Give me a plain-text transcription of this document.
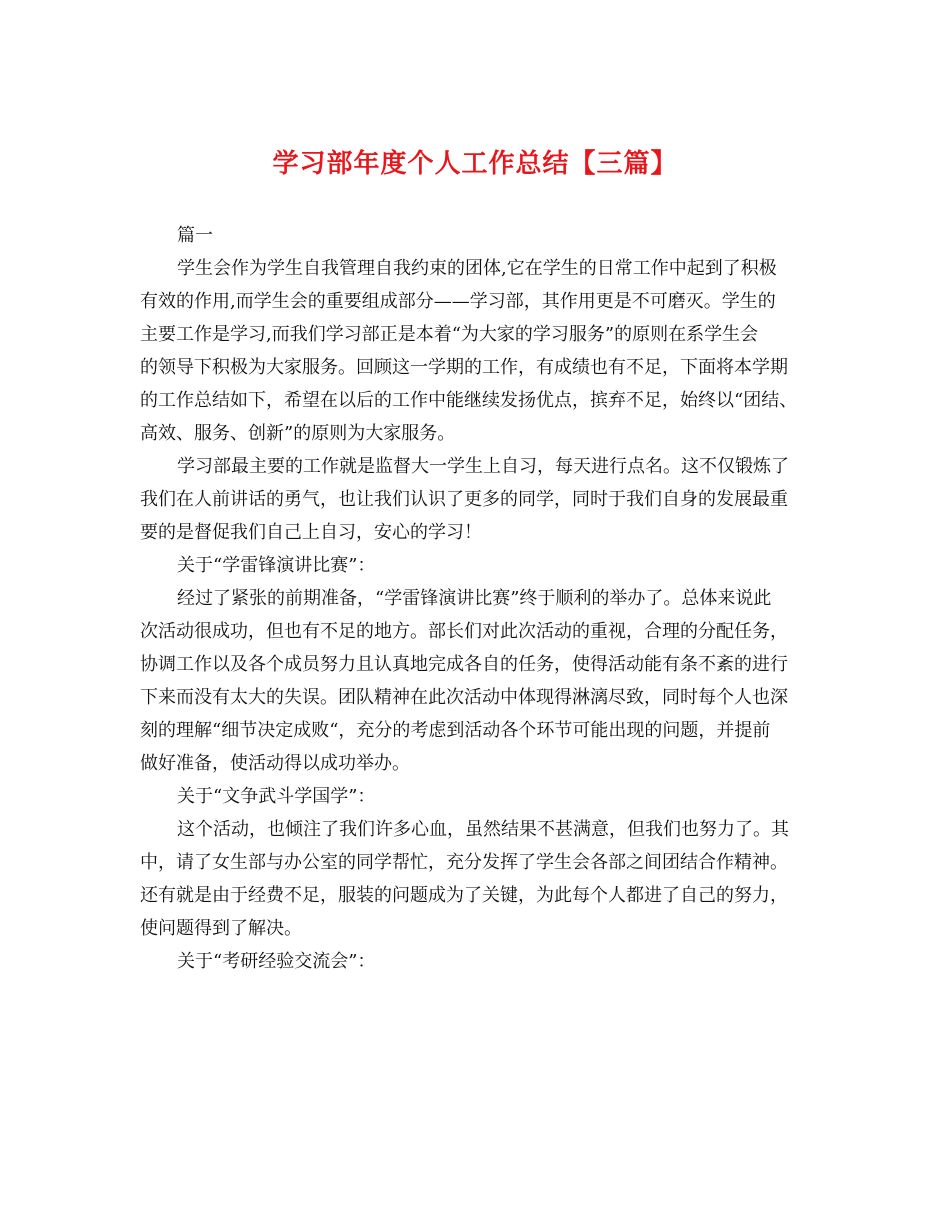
学习部年度个人工作总结【三篇】
篇一
学生会作为学生自我管理自我约束的团体,它在学生的日常工作中起到了积极
有效的作用,而学生会的重要组成部分——学习部，其作用更是不可磨灭。学生的
主要工作是学习,而我们学习部正是本着“为大家的学习服务”的原则在系学生会
的领导下积极为大家服务。回顾这一学期的工作，有成绩也有不足，下面将本学期
的工作总结如下，希望在以后的工作中能继续发扬优点，摈弃不足，始终以“团结、
高效、服务、创新”的原则为大家服务。
学习部最主要的工作就是监督大一学生上自习，每天进行点名。这不仅锻炼了
我们在人前讲话的勇气，也让我们认识了更多的同学，同时于我们自身的发展最重
要的是督促我们自己上自习，安心的学习！
关于“学雷锋演讲比赛”：
经过了紧张的前期准备，“学雷锋演讲比赛”终于顺利的举办了。总体来说此
次活动很成功，但也有不足的地方。部长们对此次活动的重视，合理的分配任务，
协调工作以及各个成员努力且认真地完成各自的任务，使得活动能有条不紊的进行
下来而没有太大的失误。团队精神在此次活动中体现得淋漓尽致，同时每个人也深
刻的理解“细节决定成败“，充分的考虑到活动各个环节可能出现的问题，并提前
做好准备，使活动得以成功举办。
关于“文争武斗学国学”：
这个活动，也倾注了我们许多心血，虽然结果不甚满意，但我们也努力了。其
中，请了女生部与办公室的同学帮忙，充分发挥了学生会各部之间团结合作精神。
还有就是由于经费不足，服装的问题成为了关键，为此每个人都进了自己的努力，
使问题得到了解决。
关于“考研经验交流会”：
